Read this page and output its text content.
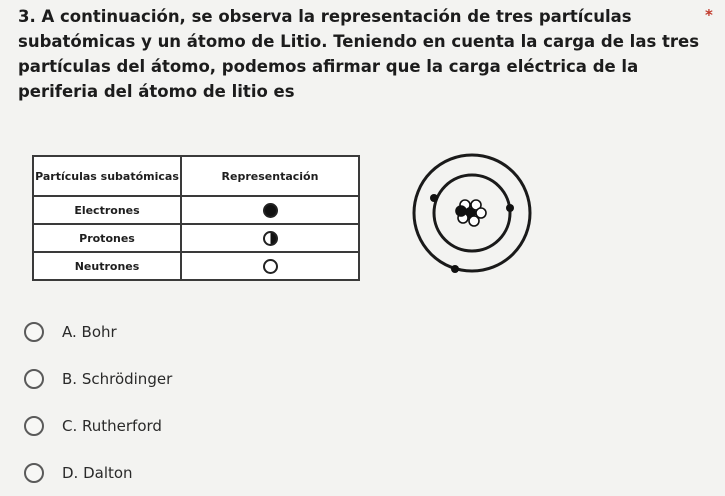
3. A continuación, se observa la representación de tres partículas subatómicas y un átomo de Litio. Teniendo en cuenta la carga de las tres partículas del átomo, podemos afirmar que la carga eléctrica de la periferia del átomo de litio es

*
Partículas subatómicas	Representación
Electrones	
Protones	
Neutrones	
A. Bohr
B. Schrödinger
C. Rutherford
D. Dalton
